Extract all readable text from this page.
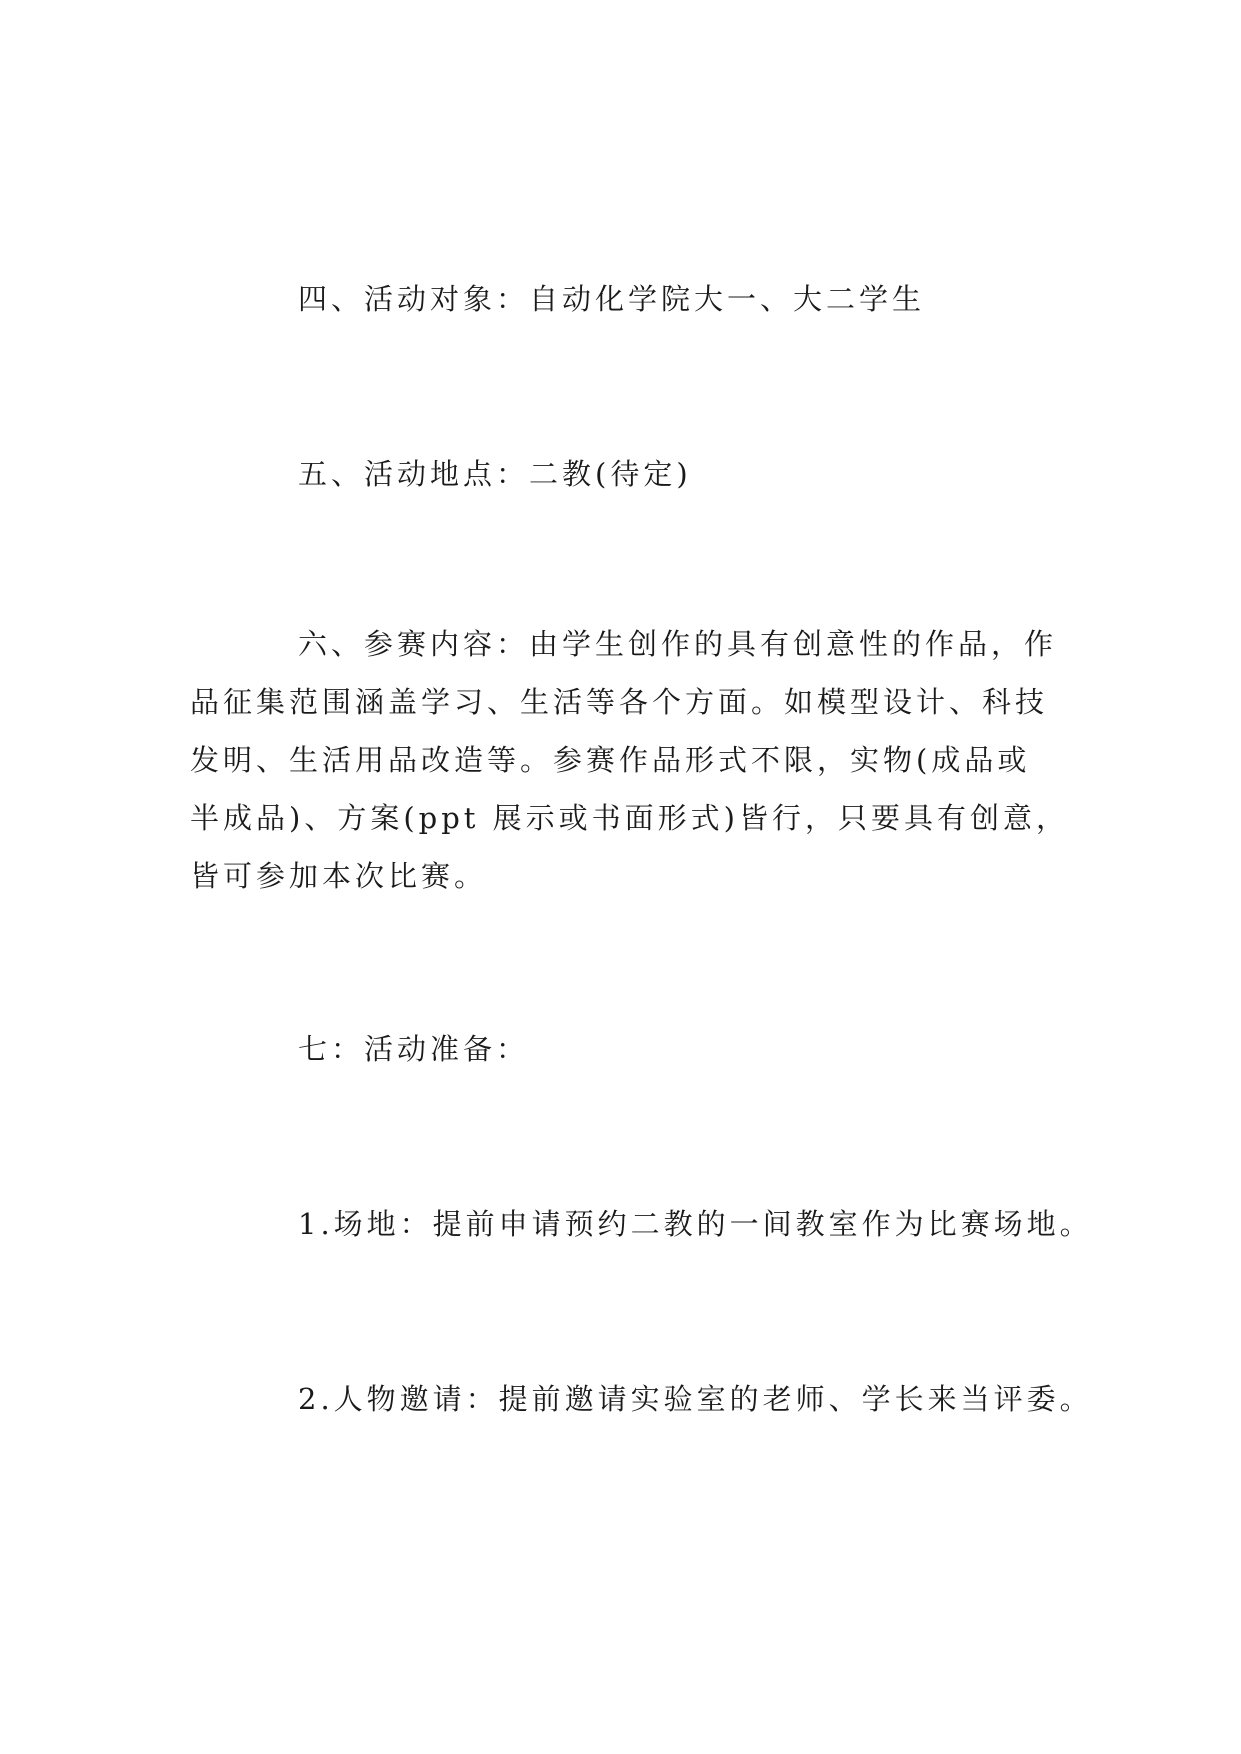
四、活动对象：自动化学院大一、大二学生
五、活动地点：二教(待定)
六、参赛内容：由学生创作的具有创意性的作品，作
品征集范围涵盖学习、生活等各个方面。如模型设计、科技
发明、生活用品改造等。参赛作品形式不限，实物(成品或
半成品)、方案(ppt 展示或书面形式)皆行，只要具有创意，
皆可参加本次比赛。
七：活动准备：
1.场地：提前申请预约二教的一间教室作为比赛场地。
2.人物邀请：提前邀请实验室的老师、学长来当评委。
